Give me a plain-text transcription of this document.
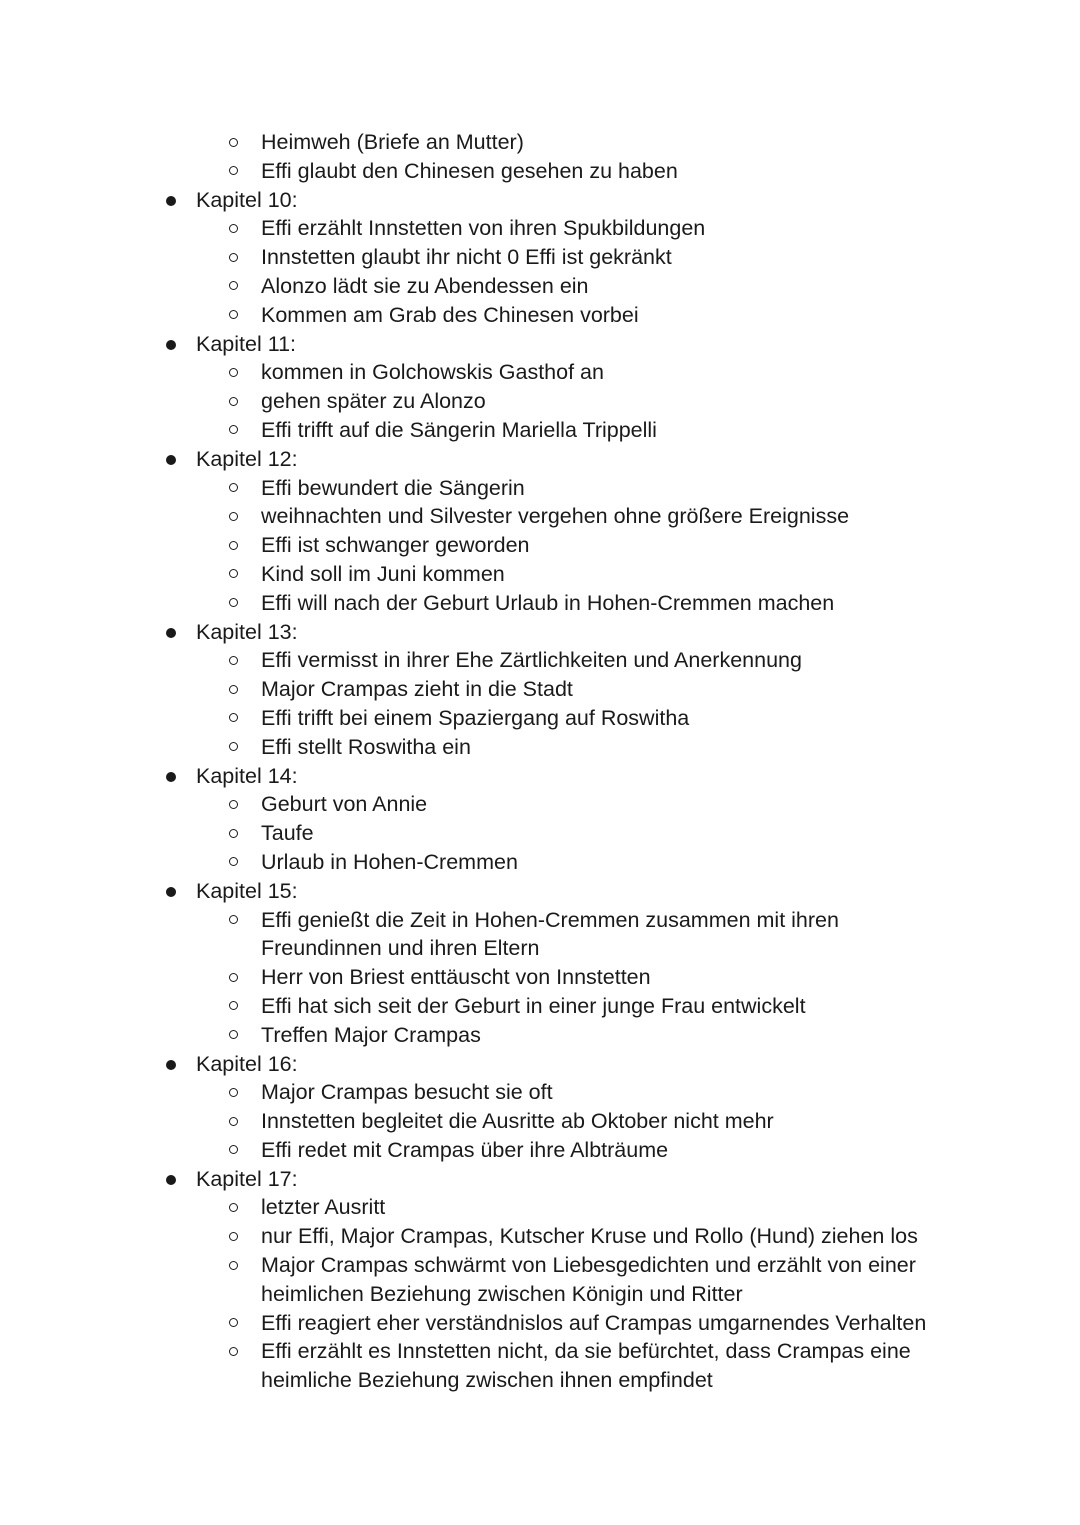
Heimweh (Briefe an Mutter)
Effi glaubt den Chinesen gesehen zu haben
Kapitel 10:
Effi erzählt Innstetten von ihren Spukbildungen
Innstetten glaubt ihr nicht 0 Effi ist gekränkt
Alonzo lädt sie zu Abendessen ein
Kommen am Grab des Chinesen vorbei
Kapitel 11:
kommen in Golchowskis Gasthof an
gehen später zu Alonzo
Effi trifft auf die Sängerin Mariella Trippelli
Kapitel 12:
Effi bewundert die Sängerin
weihnachten und Silvester vergehen ohne größere Ereignisse
Effi ist schwanger geworden
Kind soll im Juni kommen
Effi will nach der Geburt Urlaub in Hohen-Cremmen machen
Kapitel 13:
Effi vermisst in ihrer Ehe Zärtlichkeiten und Anerkennung
Major Crampas zieht in die Stadt
Effi trifft bei einem Spaziergang auf Roswitha
Effi stellt Roswitha ein
Kapitel 14:
Geburt von Annie
Taufe
Urlaub in Hohen-Cremmen
Kapitel 15:
Effi genießt die Zeit in Hohen-Cremmen zusammen mit ihren
Freundinnen und ihren Eltern
Herr von Briest enttäuscht von Innstetten
Effi hat sich seit der Geburt in einer junge Frau entwickelt
Treffen Major Crampas
Kapitel 16:
Major Crampas besucht sie oft
Innstetten begleitet die Ausritte ab Oktober nicht mehr
Effi redet mit Crampas über ihre Albträume
Kapitel 17:
letzter Ausritt
nur Effi, Major Crampas, Kutscher Kruse und Rollo (Hund) ziehen los
Major Crampas schwärmt von Liebesgedichten und erzählt von einer
heimlichen Beziehung zwischen Königin und Ritter
Effi reagiert eher verständnislos auf Crampas umgarnendes Verhalten
Effi erzählt es Innstetten nicht, da sie befürchtet, dass Crampas eine
heimliche Beziehung zwischen ihnen empfindet
